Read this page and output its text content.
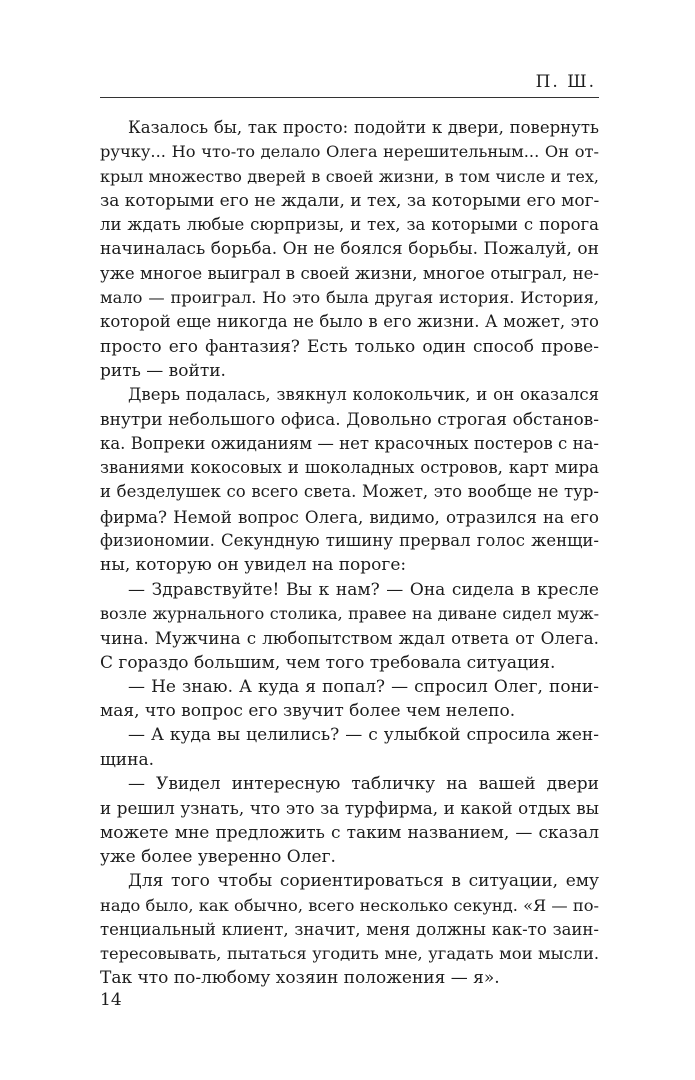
П. Ш.
Казалось бы, так просто: подойти к двери, повернуть
ручку... Но что-то делало Олега нерешительным... Он от-
крыл множество дверей в своей жизни, в том числе и тех,
за которыми его не ждали, и тех, за которыми его мог-
ли ждать любые сюрпризы, и тех, за которыми с порога
начиналась борьба. Он не боялся борьбы. Пожалуй, он
уже многое выиграл в своей жизни, многое отыграл, не-
мало — проиграл. Но это была другая история. История,
которой еще никогда не было в его жизни. А может, это
просто его фантазия? Есть только один способ прове-
рить — войти.
Дверь подалась, звякнул колокольчик, и он оказался
внутри небольшого офиса. Довольно строгая обстанов-
ка. Вопреки ожиданиям — нет красочных постеров с на-
званиями кокосовых и шоколадных островов, карт мира
и безделушек со всего света. Может, это вообще не тур-
фирма? Немой вопрос Олега, видимо, отразился на его
физиономии. Секундную тишину прервал голос женщи-
ны, которую он увидел на пороге:
— Здравствуйте! Вы к нам? — Она сидела в кресле
возле журнального столика, правее на диване сидел муж-
чина. Мужчина с любопытством ждал ответа от Олега.
С гораздо большим, чем того требовала ситуация.
— Не знаю. А куда я попал? — спросил Олег, пони-
мая, что вопрос его звучит более чем нелепо.
— А куда вы целились? — с улыбкой спросила жен-
щина.
— Увидел интересную табличку на вашей двери
и решил узнать, что это за турфирма, и какой отдых вы
можете мне предложить с таким названием, — сказал
уже более уверенно Олег.
Для того чтобы сориентироваться в ситуации, ему
надо было, как обычно, всего несколько секунд. «Я — по-
тенциальный клиент, значит, меня должны как-то заин-
тересовывать, пытаться угодить мне, угадать мои мысли.
Так что по-любому хозяин положения — я».
14
